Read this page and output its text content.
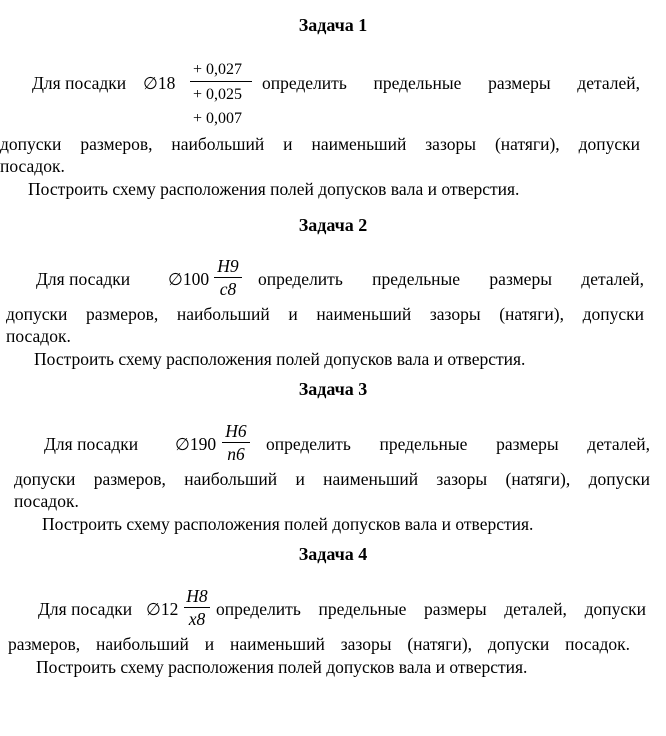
Задача 1
Для посадки ∅18
+ 0,027
+ 0,025
+ 0,007
определить предельные размеры деталей,
допуски размеров, наибольший и наименьший зазоры (натяги), допуски
посадок.
Построить схему расположения полей допусков вала и отверстия.
Задача 2
Для посадки ∅100
H9
c8 определить предельные размеры деталей,
допуски размеров, наибольший и наименьший зазоры (натяги), допуски
посадок.
Построить схему расположения полей допусков вала и отверстия.
Задача 3
Для посадки ∅190
H6
n6 определить предельные размеры деталей,
допуски размеров, наибольший и наименьший зазоры (натяги), допуски
посадок.
Построить схему расположения полей допусков вала и отверстия.
Задача 4
Для посадки ∅12
H8
x8 определить предельные размеры деталей, допуски
размеров, наибольший и наименьший зазоры (натяги), допуски посадок.
Построить схему расположения полей допусков вала и отверстия.
